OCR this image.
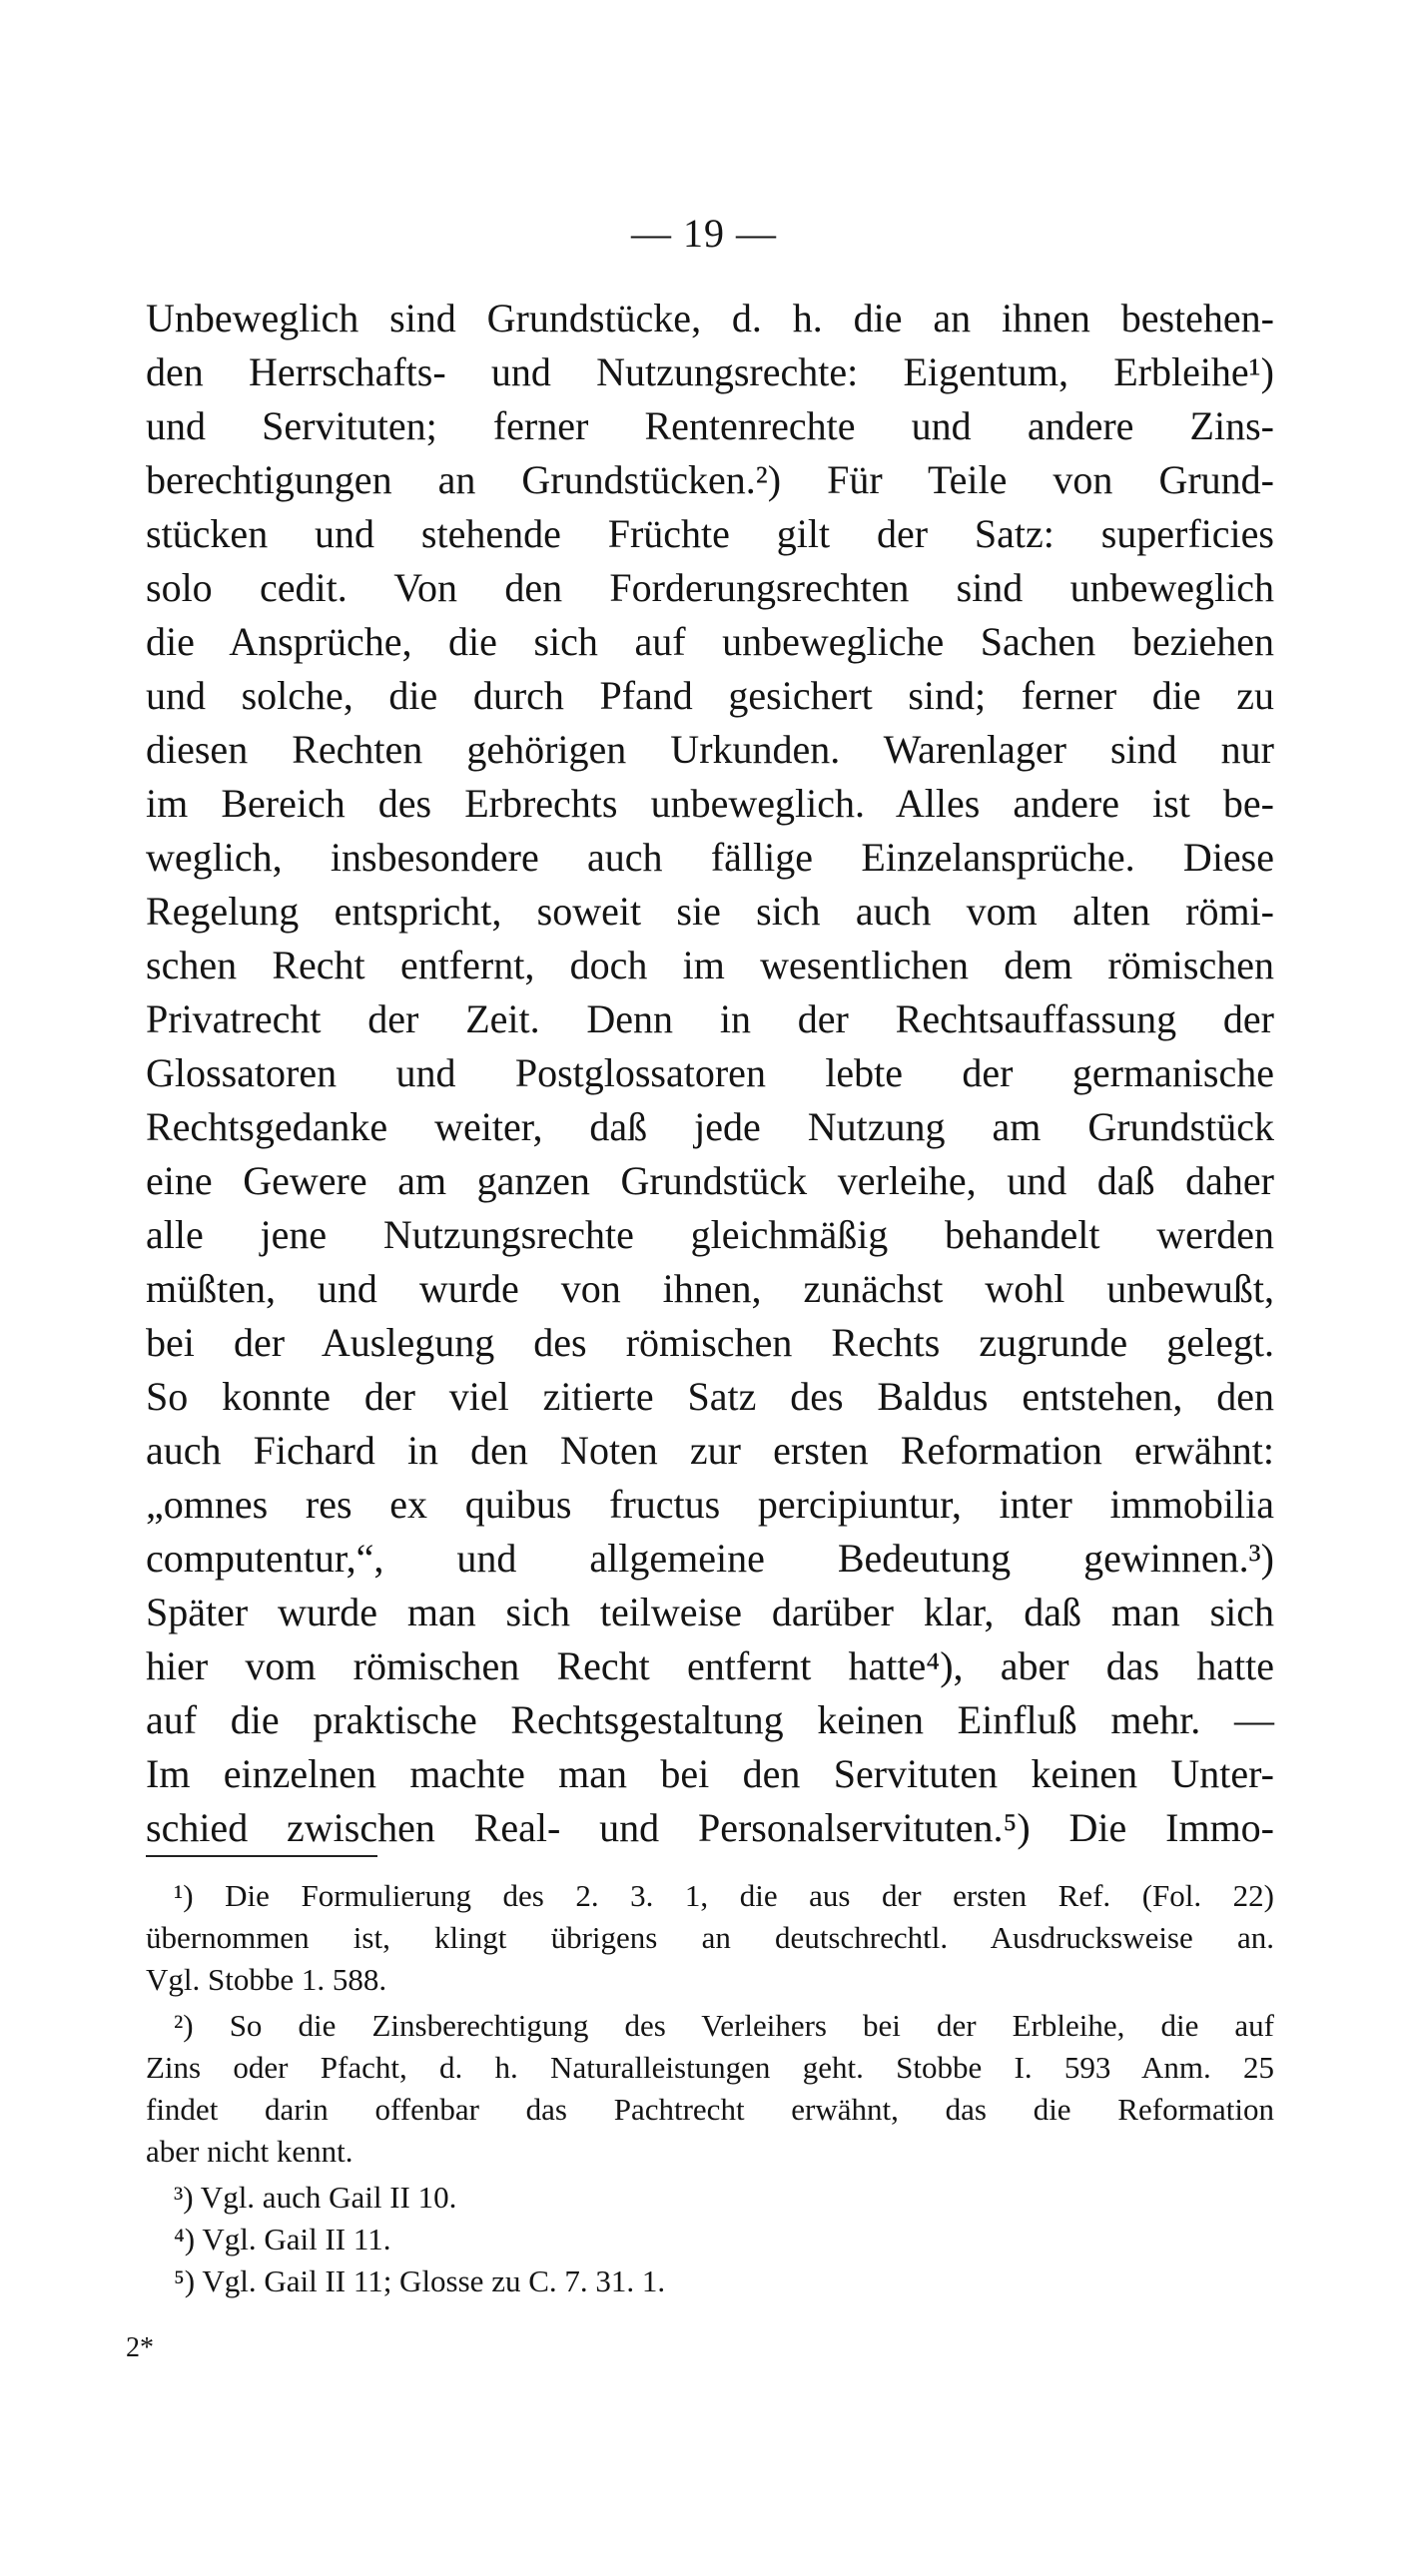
— 19 —
Unbeweglich sind Grundstücke, d. h. die an ihnen bestehen-
den Herrschafts- und Nutzungsrechte: Eigentum, Erbleihe¹)
und Servituten; ferner Rentenrechte und andere Zins-
berechtigungen an Grundstücken.²) Für Teile von Grund-
stücken und stehende Früchte gilt der Satz: superficies
solo cedit. Von den Forderungsrechten sind unbeweglich
die Ansprüche, die sich auf unbewegliche Sachen beziehen
und solche, die durch Pfand gesichert sind; ferner die zu
diesen Rechten gehörigen Urkunden. Warenlager sind nur
im Bereich des Erbrechts unbeweglich. Alles andere ist be-
weglich, insbesondere auch fällige Einzelansprüche. Diese
Regelung entspricht, soweit sie sich auch vom alten römi-
schen Recht entfernt, doch im wesentlichen dem römischen
Privatrecht der Zeit. Denn in der Rechtsauffassung der
Glossatoren und Postglossatoren lebte der germanische
Rechtsgedanke weiter, daß jede Nutzung am Grundstück
eine Gewere am ganzen Grundstück verleihe, und daß daher
alle jene Nutzungsrechte gleichmäßig behandelt werden
müßten, und wurde von ihnen, zunächst wohl unbewußt,
bei der Auslegung des römischen Rechts zugrunde gelegt.
So konnte der viel zitierte Satz des Baldus entstehen, den
auch Fichard in den Noten zur ersten Reformation erwähnt:
„omnes res ex quibus fructus percipiuntur, inter immobilia
computentur,“, und allgemeine Bedeutung gewinnen.³)
Später wurde man sich teilweise darüber klar, daß man sich
hier vom römischen Recht entfernt hatte⁴), aber das hatte
auf die praktische Rechtsgestaltung keinen Einfluß mehr. —
Im einzelnen machte man bei den Servituten keinen Unter-
schied zwischen Real- und Personalservituten.⁵) Die Immo-
¹) Die Formulierung des 2. 3. 1, die aus der ersten Ref. (Fol. 22)
übernommen ist, klingt übrigens an deutschrechtl. Ausdrucksweise an.
Vgl. Stobbe 1. 588.
²) So die Zinsberechtigung des Verleihers bei der Erbleihe, die auf
Zins oder Pfacht, d. h. Naturalleistungen geht. Stobbe I. 593 Anm. 25
findet darin offenbar das Pachtrecht erwähnt, das die Reformation
aber nicht kennt.
³) Vgl. auch Gail II 10.
⁴) Vgl. Gail II 11.
⁵) Vgl. Gail II 11; Glosse zu C. 7. 31. 1.
2*
